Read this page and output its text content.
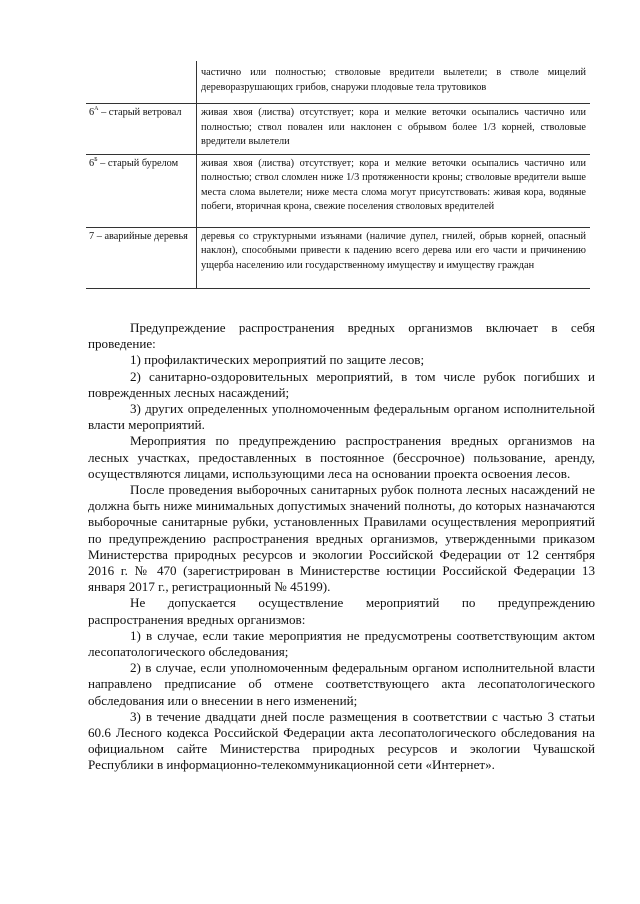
	частично или полностью; стволовые вредители вылетели; в стволе мицелий дереворазрушающих грибов, снаружи плодовые тела трутовиков
$6^А$ – старый ветровал	живая хвоя (листва) отсутствует; кора и мелкие веточки осыпались частично или полностью; ствол повален или наклонен с обрывом более 1/3 корней, стволовые вредители вылетели
$6^Б$ – старый бурелом	живая хвоя (листва) отсутствует; кора и мелкие веточки осыпались частично или полностью; ствол сломлен ниже 1/3 протяженности кроны; стволовые вредители выше места слома вылетели; ниже места слома могут присутствовать: живая кора, водяные побеги, вторичная крона, свежие поселения стволовых вредителей
7 – аварийные деревья	деревья со структурными изъянами (наличие дупел, гнилей, обрыв корней, опасный наклон), способными привести к падению всего дерева или его части и причинению ущерба населению или государственному имуществу и имуществу граждан

Предупреждение распространения вредных организмов включает в себя проведение:

1) профилактических мероприятий по защите лесов;

2) санитарно-оздоровительных мероприятий, в том числе рубок погибших и поврежденных лесных насаждений;

3) других определенных уполномоченным федеральным органом исполнительной власти мероприятий.

Мероприятия по предупреждению распространения вредных организмов на лесных участках, предоставленных в постоянное (бессрочное) пользование, аренду, осуществляются лицами, использующими леса на основании проекта освоения лесов.

После проведения выборочных санитарных рубок полнота лесных насаждений не должна быть ниже минимальных допустимых значений полноты, до которых назначаются выборочные санитарные рубки, установленных Правилами осуществления мероприятий по предупреждению распространения вредных организмов, утвержденными приказом Министерства природных ресурсов и экологии Российской Федерации от 12 сентября 2016 г. № 470 (зарегистрирован в Министерстве юстиции Российской Федерации 13 января 2017 г., регистрационный № 45199).

Не допускается осуществление мероприятий по предупреждению распространения вредных организмов:

1) в случае, если такие мероприятия не предусмотрены соответствующим актом лесопатологического обследования;

2) в случае, если уполномоченным федеральным органом исполнительной власти направлено предписание об отмене соответствующего акта лесопатологического обследования или о внесении в него изменений;

3) в течение двадцати дней после размещения в соответствии с частью 3 статьи 60.6 Лесного кодекса Российской Федерации акта лесопатологического обследования на официальном сайте Министерства природных ресурсов и экологии Чувашской Республики в информационно-телекоммуникационной сети «Интернет».
